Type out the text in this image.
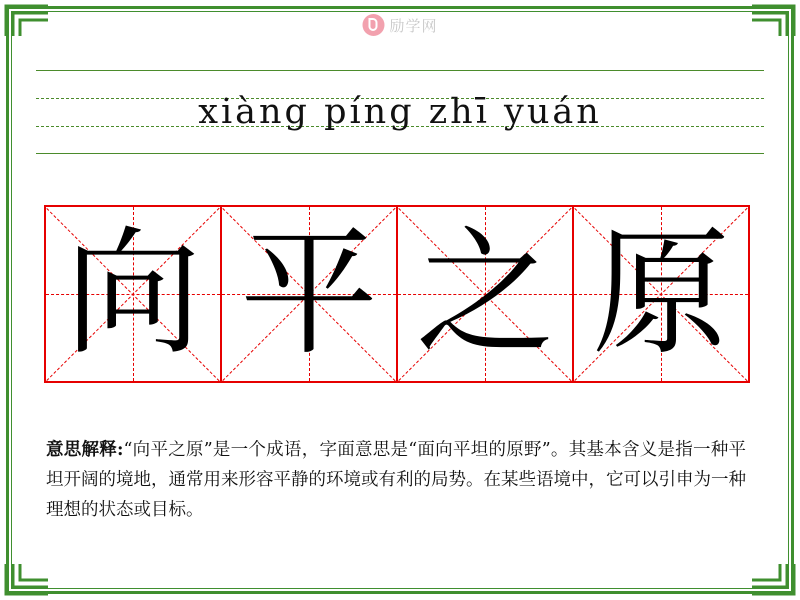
励学网
xiàng píng zhī yuán
向 平 之 原
意思解释:“向平之原”是一个成语，字面意思是“面向平坦的原野”。其基本含义是指一种平坦开阔的境地，通常用来形容平静的环境或有利的局势。在某些语境中，它可以引申为一种理想的状态或目标。
